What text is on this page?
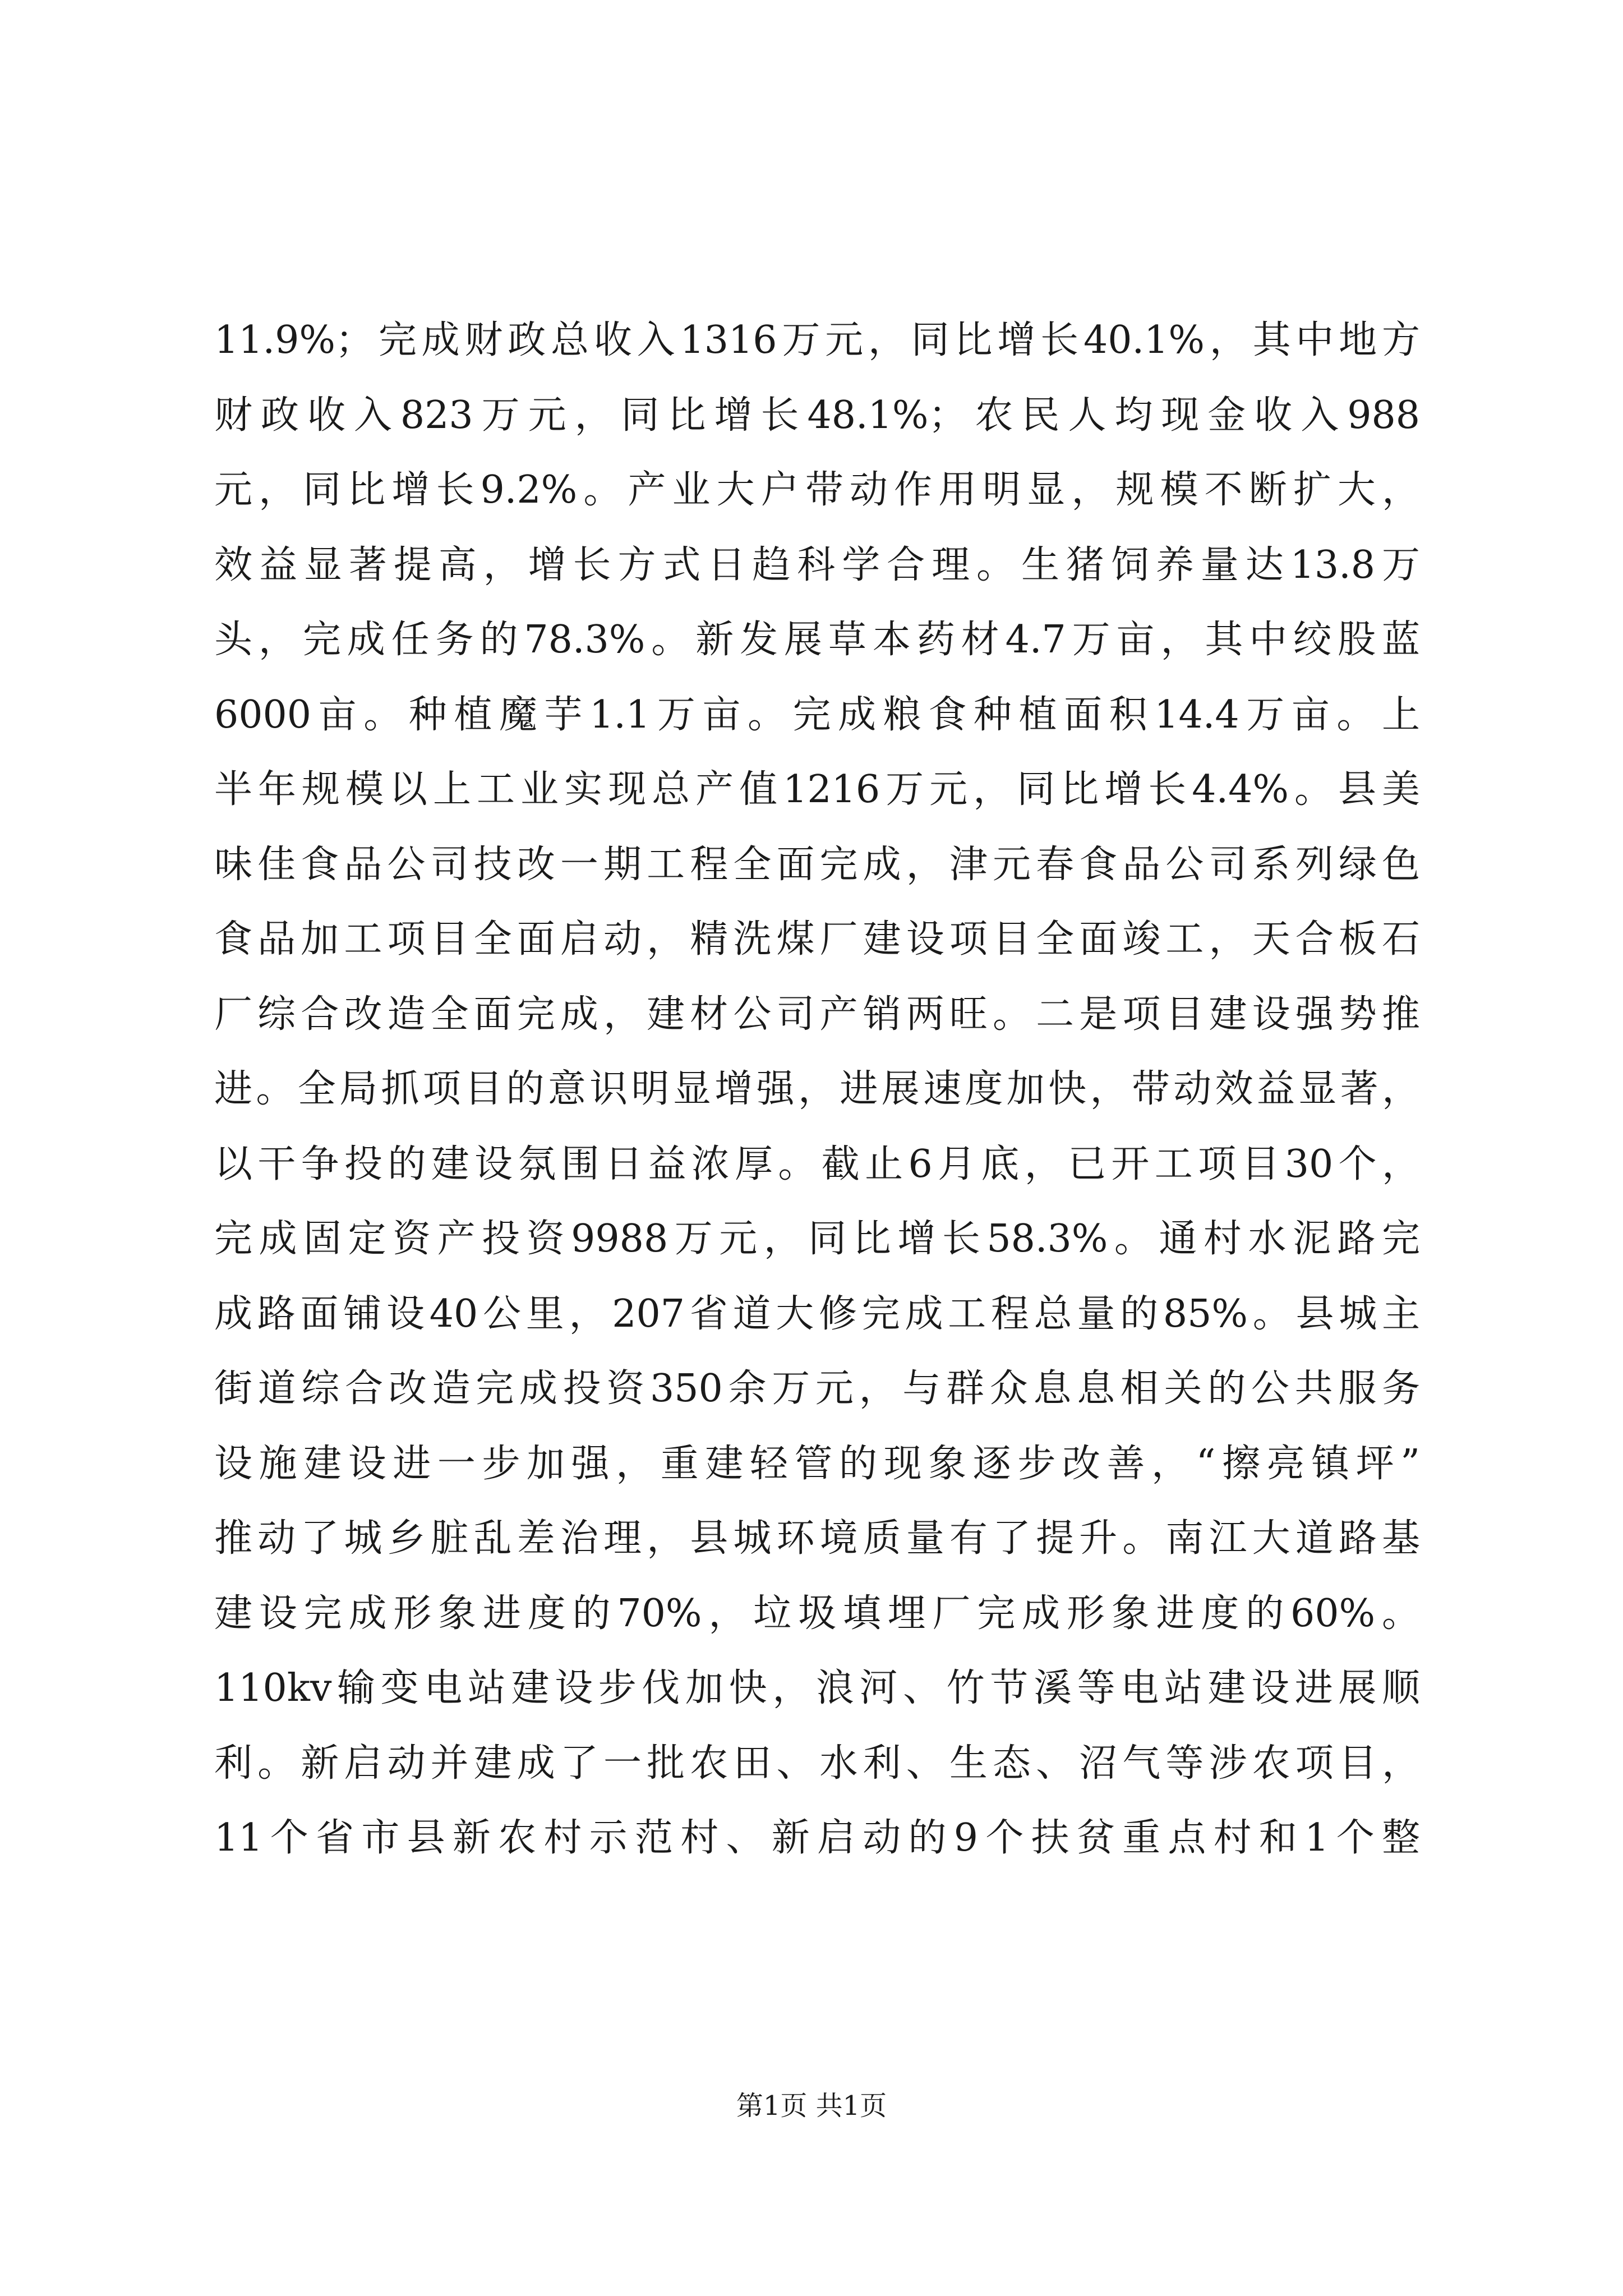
11.9%；完成财政总收入1316万元，同比增长40.1%，其中地方
财政收入823万元，同比增长48.1%；农民人均现金收入988
元，同比增长9.2%。产业大户带动作用明显，规模不断扩大，
效益显著提高，增长方式日趋科学合理。生猪饲养量达13.8万
头，完成任务的78.3%。新发展草本药材4.7万亩，其中绞股蓝
6000亩。种植魔芋1.1万亩。完成粮食种植面积14.4万亩。上
半年规模以上工业实现总产值1216万元，同比增长4.4%。县美
味佳食品公司技改一期工程全面完成，津元春食品公司系列绿色
食品加工项目全面启动，精洗煤厂建设项目全面竣工，天合板石
厂综合改造全面完成，建材公司产销两旺。二是项目建设强势推
进。全局抓项目的意识明显增强，进展速度加快，带动效益显著，
以干争投的建设氛围日益浓厚。截止6月底，已开工项目30个，
完成固定资产投资9988万元，同比增长58.3%。通村水泥路完
成路面铺设40公里，207省道大修完成工程总量的85%。县城主
街道综合改造完成投资350余万元，与群众息息相关的公共服务
设施建设进一步加强，重建轻管的现象逐步改善，“擦亮镇坪”
推动了城乡脏乱差治理，县城环境质量有了提升。南江大道路基
建设完成形象进度的70%，垃圾填埋厂完成形象进度的60%。
110kv输变电站建设步伐加快，浪河、竹节溪等电站建设进展顺
利。新启动并建成了一批农田、水利、生态、沼气等涉农项目，
11个省市县新农村示范村、新启动的9个扶贫重点村和1个整
第1页 共1页
